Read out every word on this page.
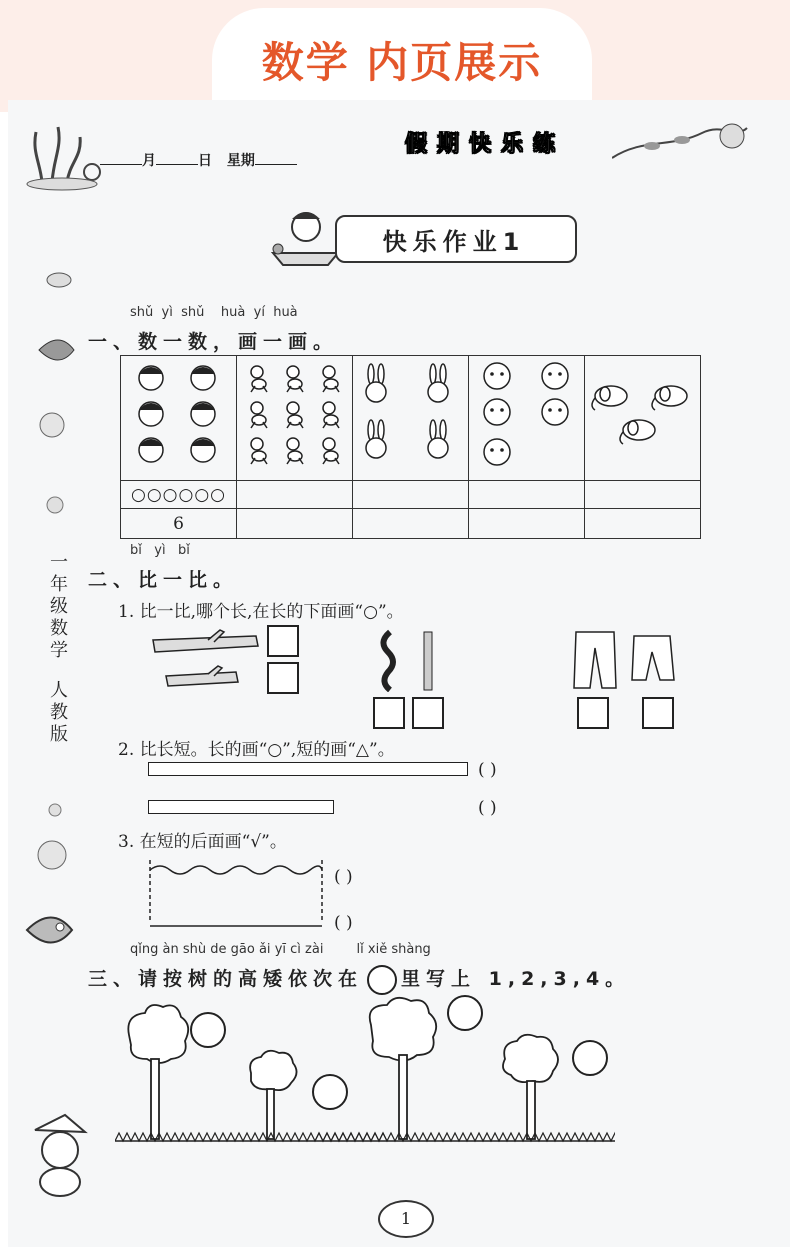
数学 内页展示
月	日 星期
假期快乐练
快乐作业1
一
年
级
数
学
人
教
版
shǔ yì shǔ huà yí huà
一、数一数，画一画。

○○○○○○				
6				
bǐ yì bǐ
二、比一比。
1. 比一比,哪个长,在长的下面画“○”。
2. 比长短。长的画“○”,短的画“△”。
( )
( )
3. 在短的后面画“√”。
( )
( )
qǐng àn shù de gāo ǎi yī cì zài	lǐ xiě shàng
三、请按树的高矮依次在 里写上 1,2,3,4。
1
